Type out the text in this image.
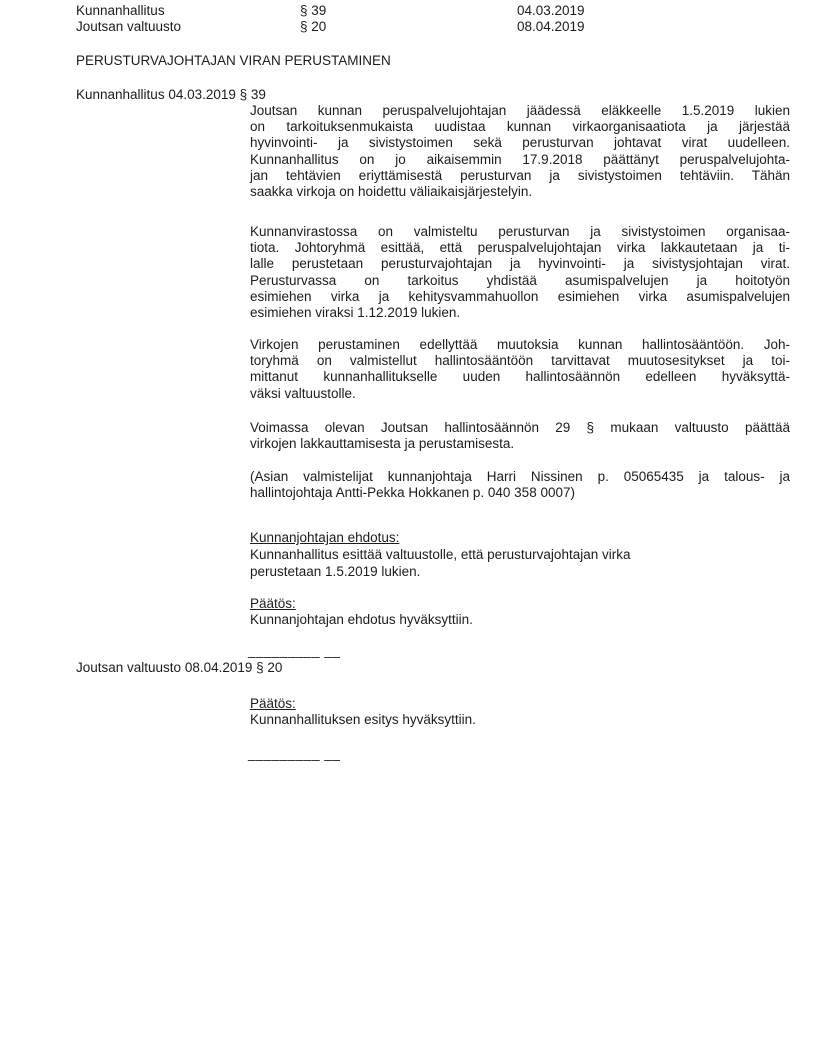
Kunnanhallitus	§ 39	04.03.2019
Joutsan valtuusto	§ 20	08.04.2019
PERUSTURVAJOHTAJAN VIRAN PERUSTAMINEN
Kunnanhallitus 04.03.2019 § 39
Joutsan kunnan peruspalvelujohtajan jäädessä eläkkeelle 1.5.2019 lukien
on tarkoituksenmukaista uudistaa kunnan virkaorganisaatiota ja järjestää
hyvinvointi- ja sivistystoimen sekä perusturvan johtavat virat uudelleen.
Kunnanhallitus on jo aikaisemmin 17.9.2018 päättänyt peruspalvelujohta-
jan tehtävien eriyttämisestä perusturvan ja sivistystoimen tehtäviin. Tähän
saakka virkoja on hoidettu väliaikaisjärjestelyin.
Kunnanvirastossa on valmisteltu perusturvan ja sivistystoimen organisaa-
tiota. Johtoryhmä esittää, että peruspalvelujohtajan virka lakkautetaan ja ti-
lalle perustetaan perusturvajohtajan ja hyvinvointi- ja sivistysjohtajan virat.
Perusturvassa on tarkoitus yhdistää asumispalvelujen ja hoitotyön
esimiehen virka ja kehitysvammahuollon esimiehen virka asumispalvelujen
esimiehen viraksi 1.12.2019 lukien.
Virkojen perustaminen edellyttää muutoksia kunnan hallintosääntöön. Joh-
toryhmä on valmistellut hallintosääntöön tarvittavat muutosesitykset ja toi-
mittanut kunnanhallitukselle uuden hallintosäännön edelleen hyväksyttä-
väksi valtuustolle.
Voimassa olevan Joutsan hallintosäännön 29 § mukaan valtuusto päättää
virkojen lakkauttamisesta ja perustamisesta.
(Asian valmistelijat kunnanjohtaja Harri Nissinen p. 05065435 ja talous- ja
hallintojohtaja Antti-Pekka Hokkanen p. 040 358 0007)
Kunnanjohtajan ehdotus:
Kunnanhallitus esittää valtuustolle, että perusturvajohtajan virka
perustetaan 1.5.2019 lukien.
Päätös:
Kunnanjohtajan ehdotus hyväksyttiin.
_________ __
Joutsan valtuusto 08.04.2019 § 20
Päätös:
Kunnanhallituksen esitys hyväksyttiin.
_________ __
